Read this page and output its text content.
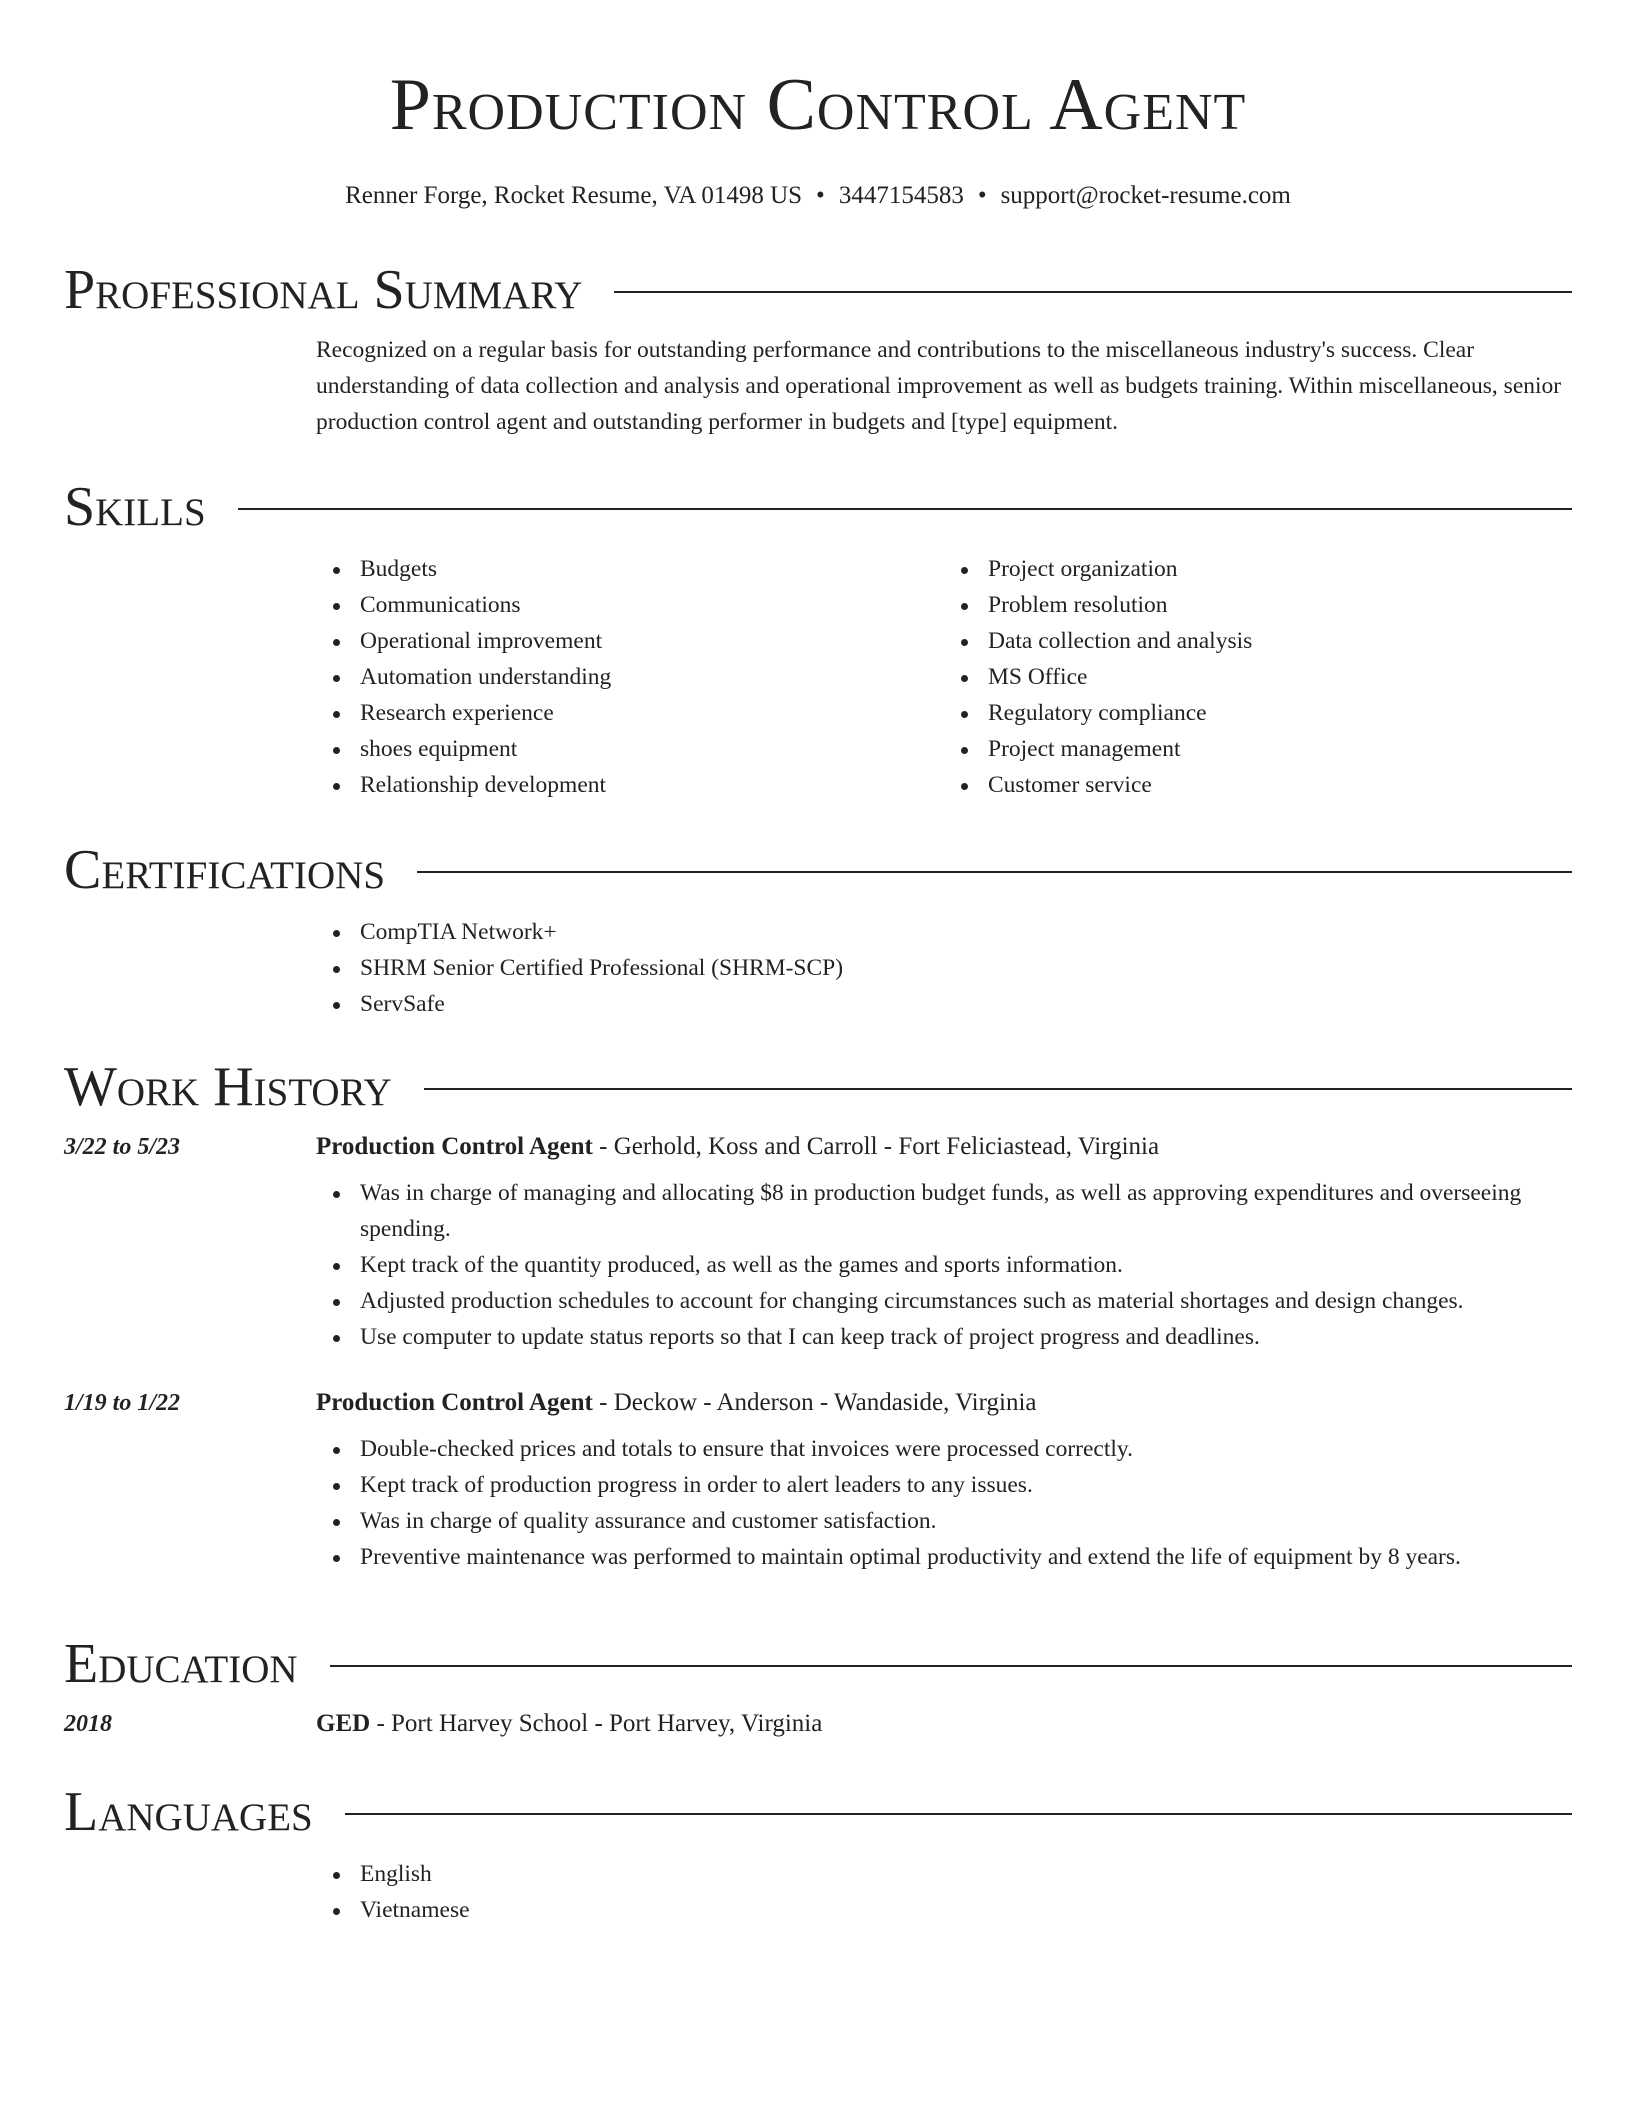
Production Control Agent
Renner Forge, Rocket Resume, VA 01498 US • 3447154583 • support@rocket-resume.com
Professional Summary

Recognized on a regular basis for outstanding performance and contributions to the miscellaneous industry's success. Clear understanding of data collection and analysis and operational improvement as well as budgets training. Within miscellaneous, senior production control agent and outstanding performer in budgets and [type] equipment.

Skills
Budgets
Communications
Operational improvement
Automation understanding
Research experience
shoes equipment
Relationship development
Project organization
Problem resolution
Data collection and analysis
MS Office
Regulatory compliance
Project management
Customer service
Certifications
CompTIA Network+
SHRM Senior Certified Professional (SHRM-SCP)
ServSafe
Work History
3/22 to 5/23	Production Control Agent - Gerhold, Koss and Carroll - Fort Feliciastead, Virginia
Was in charge of managing and allocating $8 in production budget funds, as well as approving expenditures and overseeing spending.
Kept track of the quantity produced, as well as the games and sports information.
Adjusted production schedules to account for changing circumstances such as material shortages and design changes.
Use computer to update status reports so that I can keep track of project progress and deadlines.
1/19 to 1/22	Production Control Agent - Deckow - Anderson - Wandaside, Virginia
Double-checked prices and totals to ensure that invoices were processed correctly.
Kept track of production progress in order to alert leaders to any issues.
Was in charge of quality assurance and customer satisfaction.
Preventive maintenance was performed to maintain optimal productivity and extend the life of equipment by 8 years.
Education
2018	GED - Port Harvey School - Port Harvey, Virginia
Languages
English
Vietnamese
